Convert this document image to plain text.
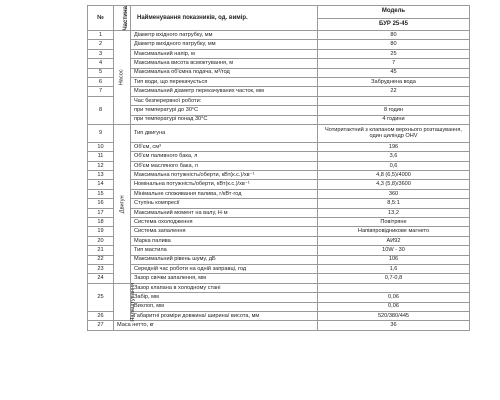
№	Частина	Найменування показників, од. вимір.	Модель
			БУР 25-45
1	Насос	Діаметр вхідного патрубку, мм	80
2		Діаметр вихідного патрубку, мм	80
3		Максимальний напір, м	25
4		Максимальна висота всмоктування, м	7
5		Максимальна об'ємна подача, м³/год	45
6		Тип води, що перекачується	Забруднена вода
7		Максимальний діаметр перекачуваних часток, мм	22
8		Час безперервної роботи:	
		при температурі до 30°С	8 годин
		при температурі понад 30°С	4 години
9	Двигун	Тип двигуна	Чотиритактний з клапаном верхнього розташування, один циліндр OHV
10		Об'єм, см³	196
11		Об'єм паливного бака, л	3,6
12		Об'єм масляного бака, л	0,6
13		Максимальна потужність/оберти, кВт(к.с.)/хв⁻¹	4,8 (6,5)/4000
14		Номінальна потужність/оберти, кВт(к.с.)/хв⁻¹	4,3 (5,8)/3600
15		Мінімальне споживання палива, г/кВт·год	360
16		Ступінь компресії	8,5:1
17		Максимальний момент на валу, Н·м	13,2
18		Система охолодження	Повітряне
19		Система запалення	Напівпровідникове магнето
20		Марка палива	АИ92
21		Тип мастила	10W - 30
22		Максимальний рівень шуму, дБ	106
23		Середній час роботи на одній заправці, год	1,6
24		Зазор свічки запалення, мм	0,7-0,8
25	Налаштування	Зазор клапана в холодному стані	
		Забір, мм	0,06
		Вихлоп, мм	0,06
26		Габаритні розміри довжина/ ширина/ висота, мм	520/380/445
27	Маса нетто, кг		36
